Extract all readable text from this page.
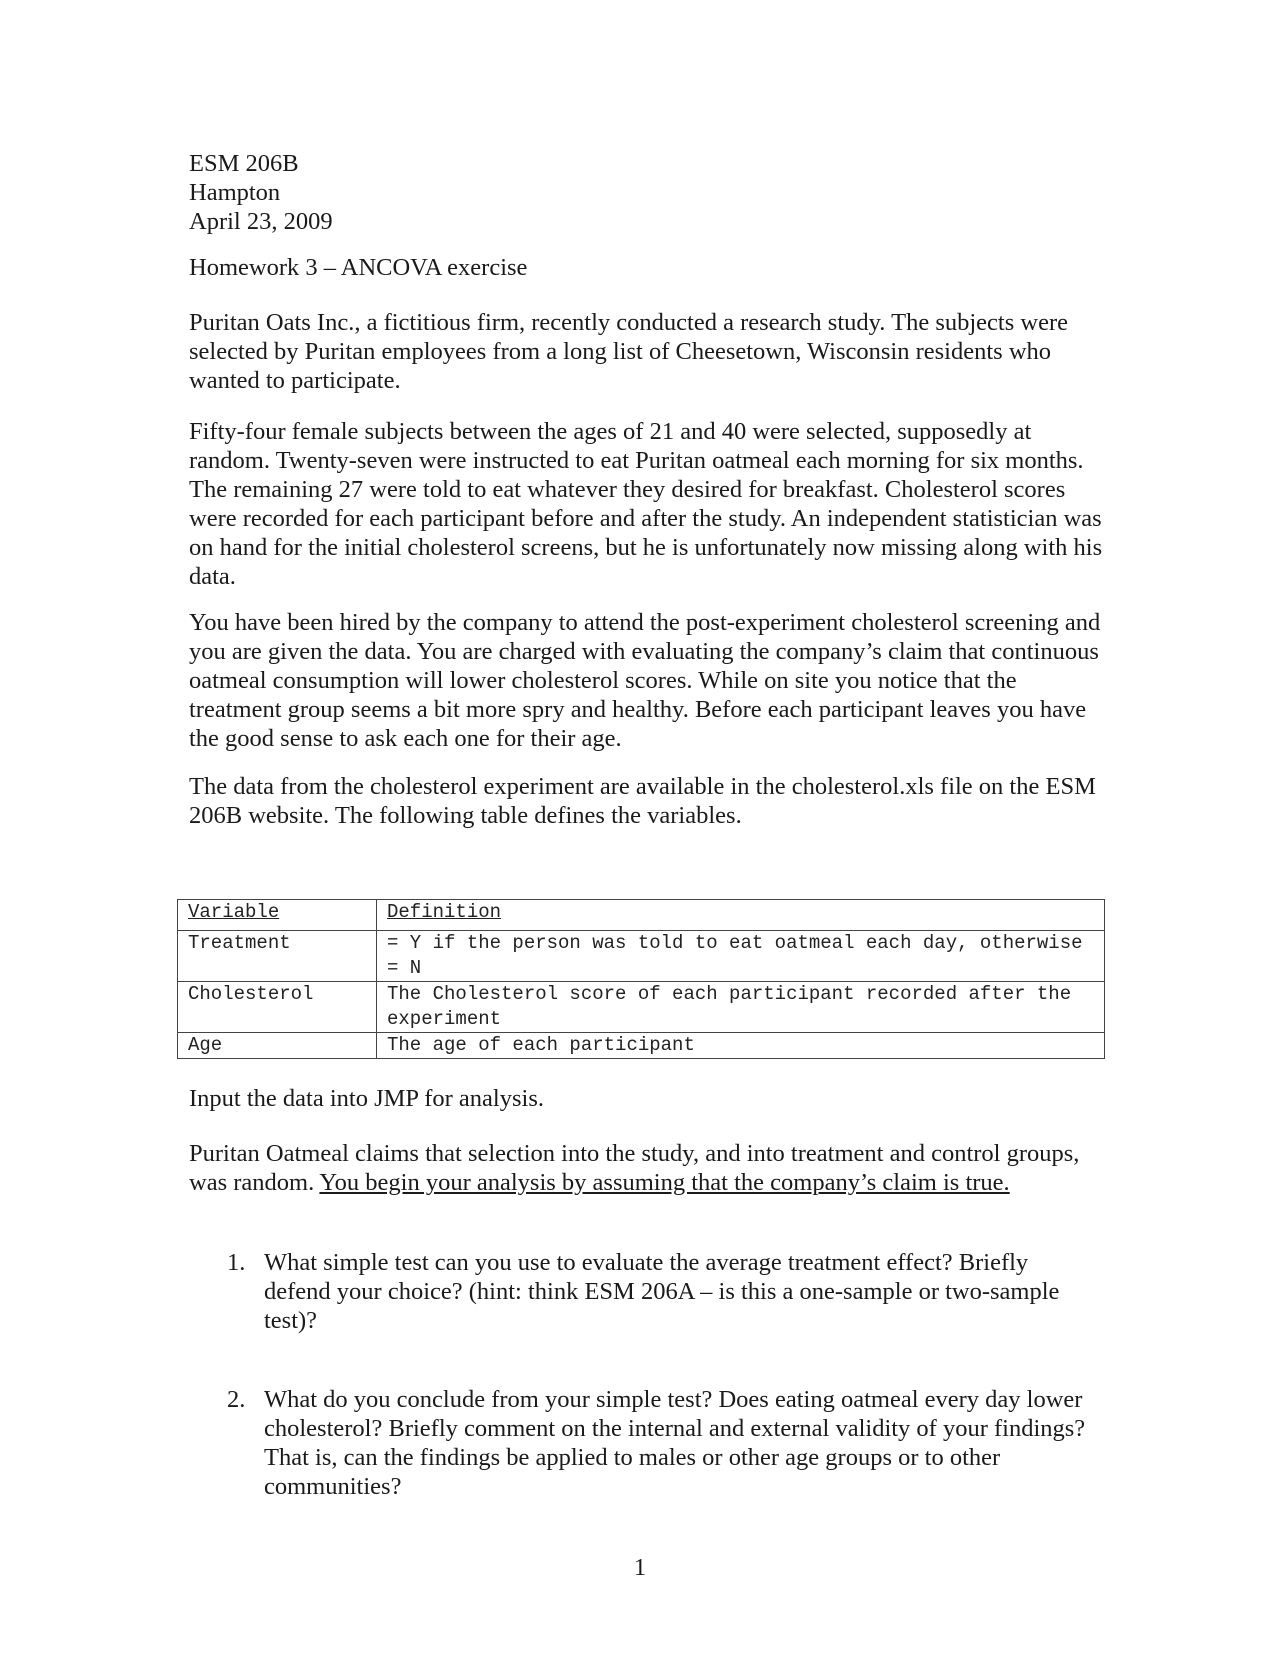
ESM 206B

Hampton

April 23, 2009

Homework 3 – ANCOVA exercise

Puritan Oats Inc., a fictitious firm, recently conducted a research study. The subjects were selected by Puritan employees from a long list of Cheesetown, Wisconsin residents who wanted to participate.

Fifty-four female subjects between the ages of 21 and 40 were selected, supposedly at random. Twenty-seven were instructed to eat Puritan oatmeal each morning for six months. The remaining 27 were told to eat whatever they desired for breakfast. Cholesterol scores were recorded for each participant before and after the study. An independent statistician was on hand for the initial cholesterol screens, but he is unfortunately now missing along with his data.

You have been hired by the company to attend the post-experiment cholesterol screening and you are given the data. You are charged with evaluating the company’s claim that continuous oatmeal consumption will lower cholesterol scores. While on site you notice that the treatment group seems a bit more spry and healthy. Before each participant leaves you have the good sense to ask each one for their age.

The data from the cholesterol experiment are available in the cholesterol.xls file on the ESM 206B website. The following table defines the variables.

Variable	Definition
Treatment	= Y if the person was told to eat oatmeal each day, otherwise = N
Cholesterol	The Cholesterol score of each participant recorded after the experiment
Age	The age of each participant

Input the data into JMP for analysis.

Puritan Oatmeal claims that selection into the study, and into treatment and control groups, was random. You begin your analysis by assuming that the company’s claim is true.

1. What simple test can you use to evaluate the average treatment effect? Briefly defend your choice? (hint: think ESM 206A – is this a one-sample or two-sample test)?
2. What do you conclude from your simple test? Does eating oatmeal every day lower cholesterol? Briefly comment on the internal and external validity of your findings? That is, can the findings be applied to males or other age groups or to other communities?
1
